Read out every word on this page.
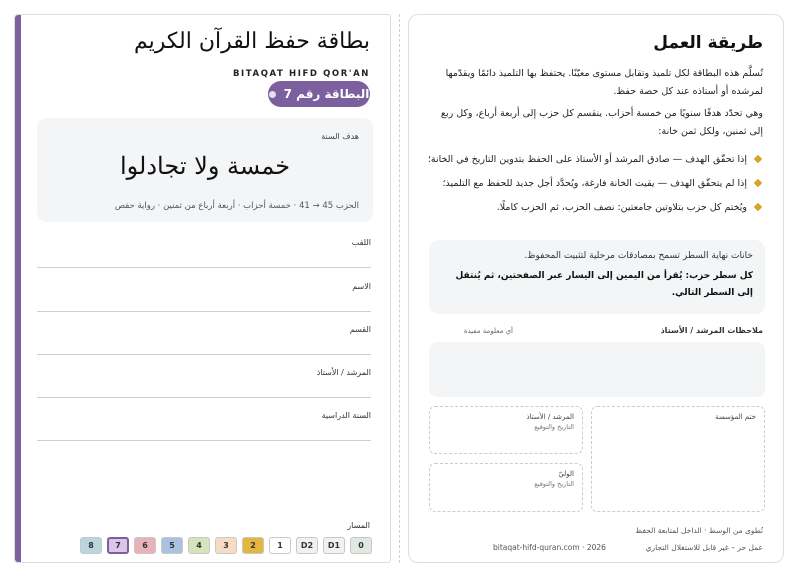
بطاقة حفظ القرآن الكريم
BITAQAT HIFD QOR'AN
البطاقة رقم 7
هدف السنة
خمسة ولا تجادلوا
الحزب 45 → 41 · خمسة أحزاب · أربعة أرباع من ثمنين · رواية حفص
اللقب
الاسم
القسم
المرشد / الأستاذ
السنة الدراسية
المسار
0
D1
D2
1
2
3
4
5
6
7
8
طريقة العمل

تُسلَّم هذه البطاقة لكل تلميذ وتقابل مستوى معيّنًا. يحتفظ بها التلميذ دائمًا ويقدّمها لمرشده أو أستاذه عند كل حصة حفظ.

وهي تحدّد هدفًا سنويًا من خمسة أحزاب. ينقسم كل حزب إلى أربعة أرباع، وكل ربع إلى ثمنين، ولكل ثمن خانة:

إذا تحقّق الهدف — صادق المرشد أو الأستاذ على الحفظ بتدوين التاريخ في الخانة؛
إذا لم يتحقّق الهدف — يقيت الخانة فارغة، ويُحدَّد أجل جديد للحفظ مع التلميذ؛
ويُختم كل حزب بتلاوتين جامعتين: نصف الحزب، ثم الحزب كاملًا.
خانات نهاية السطر تسمح بمصادقات مرحلية لتثبيت المحفوظ.
كل سطر حزب: يُقرأ من اليمين إلى اليسار عبر الصفحتين، ثم يُنتقل إلى السطر التالي.
ملاحظات المرشد / الأستاذ
أي معلومة مفيدة
ختم المؤسسة
المرشد / الأستاذ
التاريخ والتوقيع
الوليّ
التاريخ والتوقيع
تُطوى من الوسط · الداخل لمتابعة الحفظ
bitaqat-hifd-quran.com · 2026	عمل حر – غير قابل للاستغلال التجاري
